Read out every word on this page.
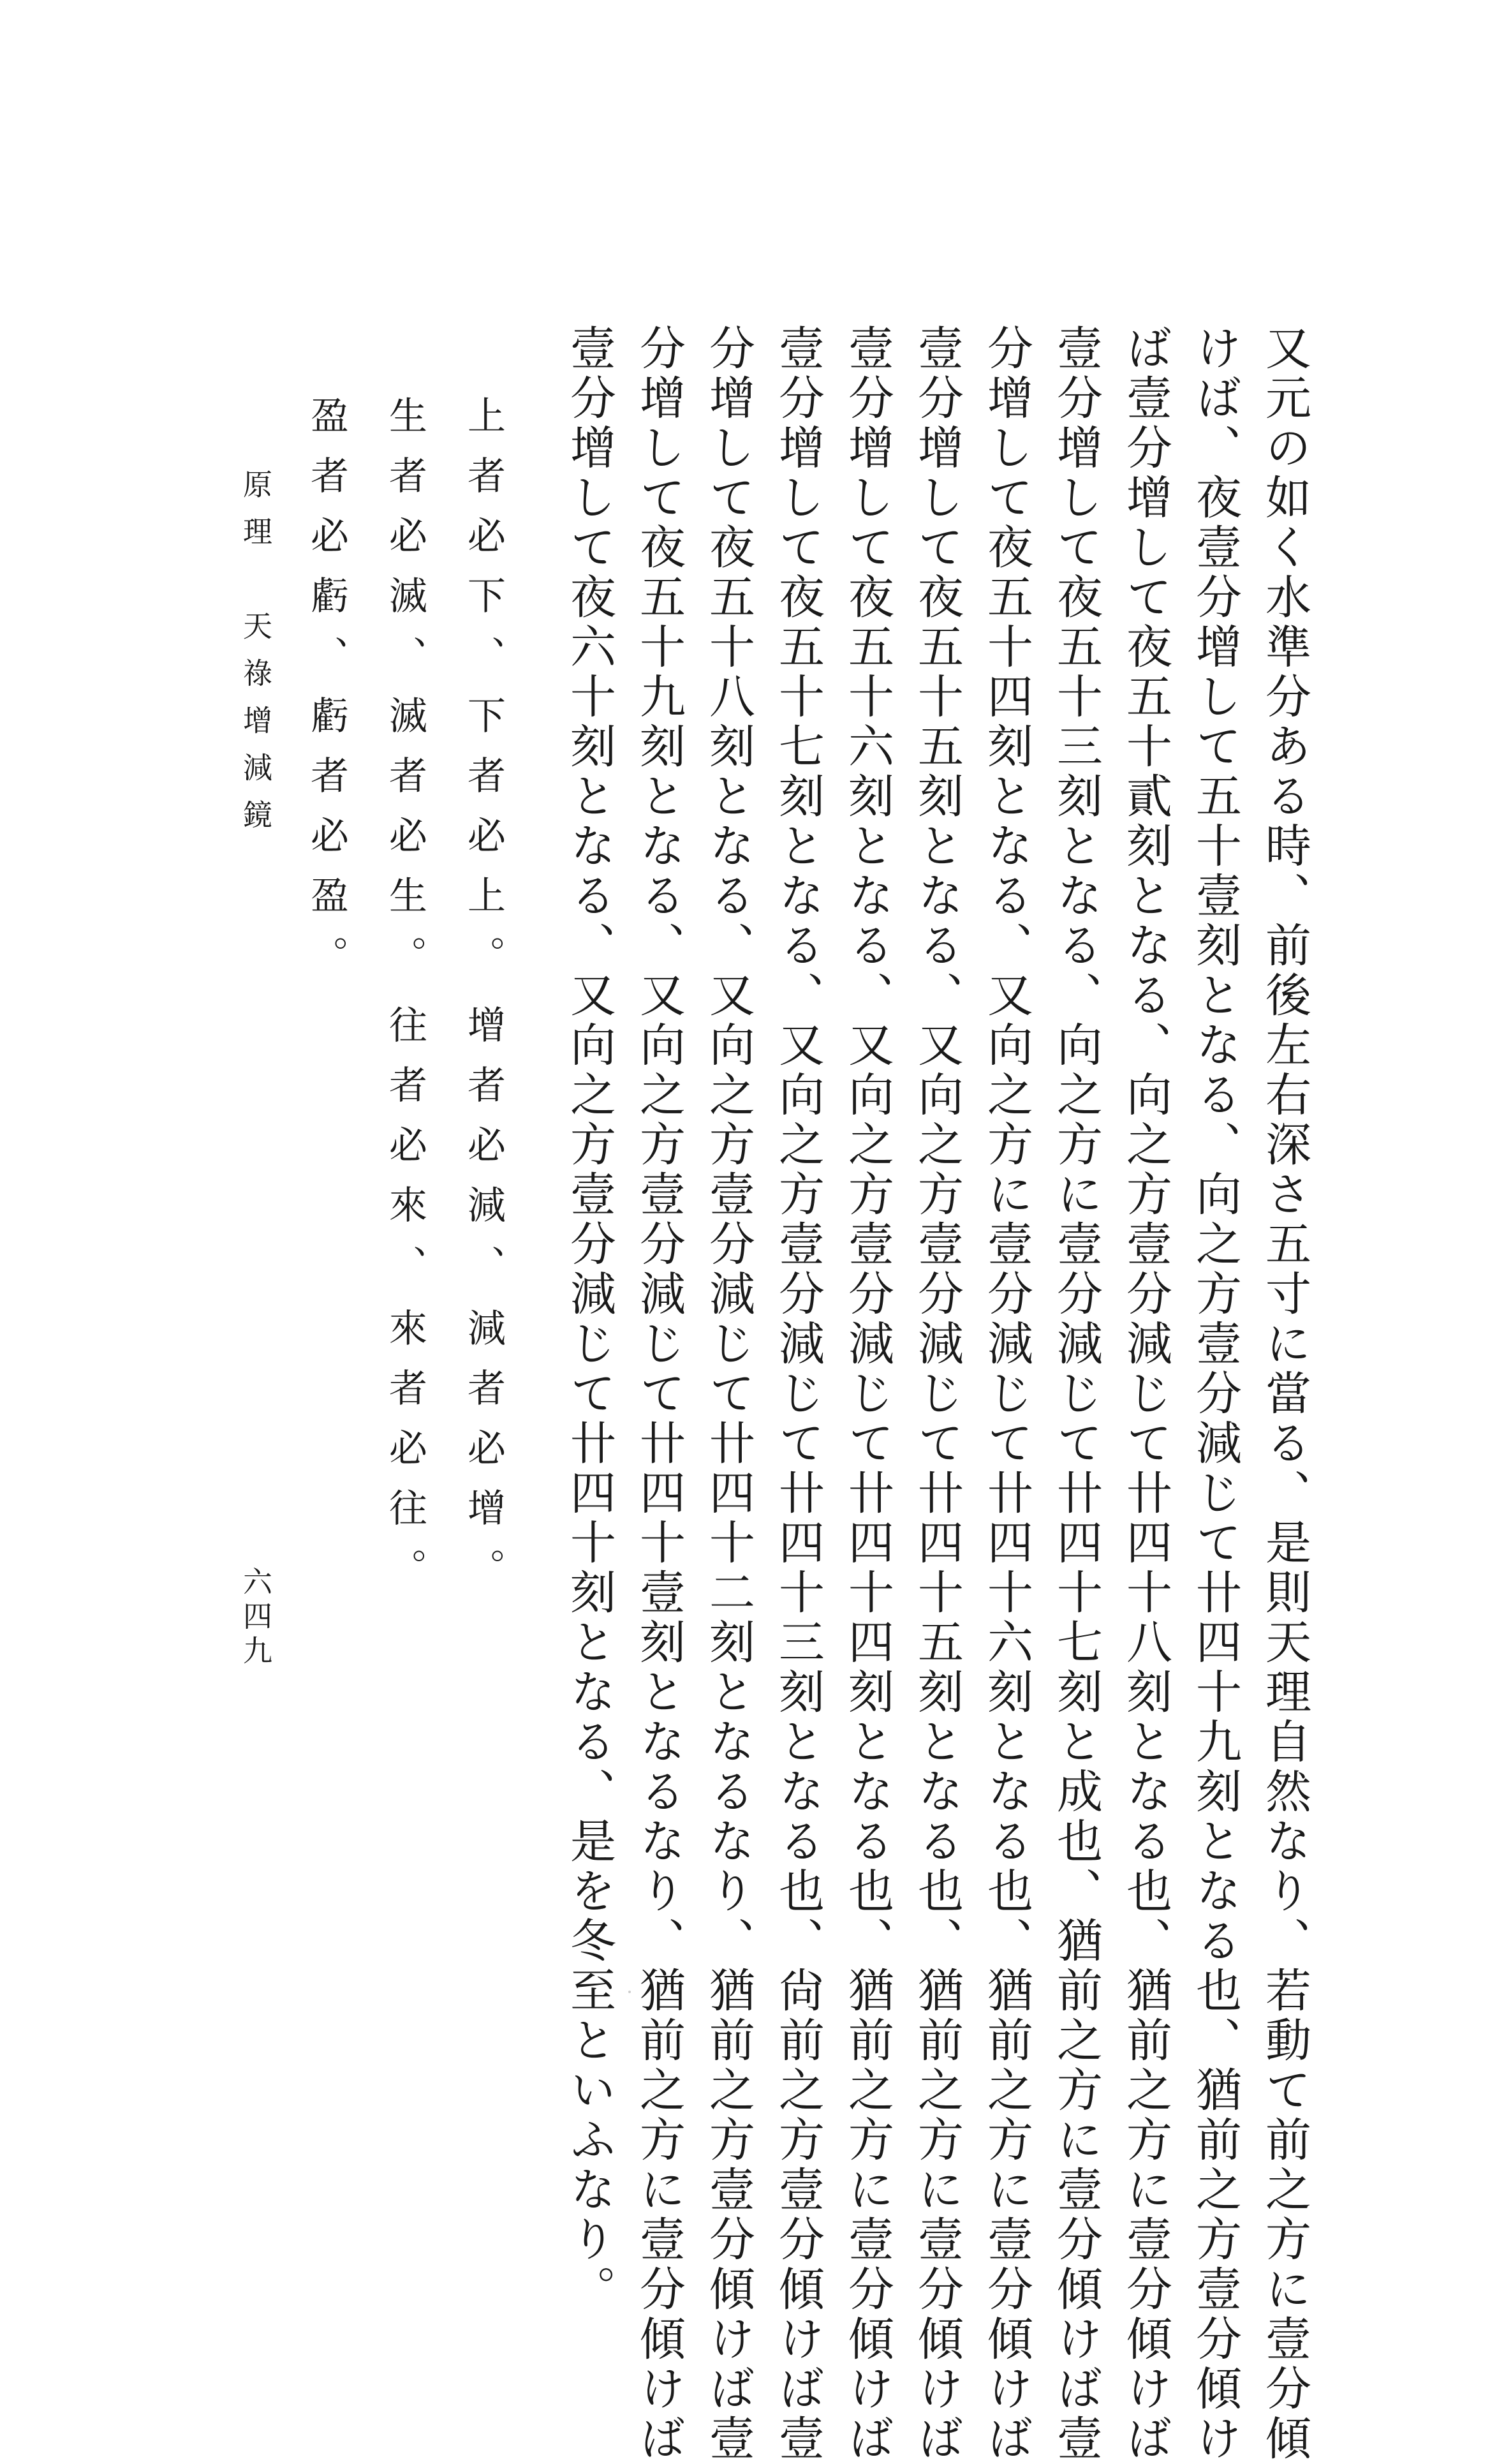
又元の如く水準分ある時、前後左右深さ五寸に當る、是則天理自然なり、若動て前之方に壹分傾
けば、夜壹分增して五十壹刻となる、向之方壹分減じて卄四十九刻となる也、猶前之方壹分傾け
ば壹分增して夜五十貳刻となる、向之方壹分減じて卄四十八刻となる也、猶前之方に壹分傾けば
壹分增して夜五十三刻となる、向之方に壹分減じて卄四十七刻と成也、猶前之方に壹分傾けば壹
分增して夜五十四刻となる、又向之方に壹分減じて卄四十六刻となる也、猶前之方に壹分傾けば
壹分增して夜五十五刻となる、又向之方壹分減じて卄四十五刻となる也、猶前之方に壹分傾けば
壹分增して夜五十六刻となる、又向之方壹分減じて卄四十四刻となる也、猶前之方に壹分傾けば
壹分增して夜五十七刻となる、又向之方壹分減じて卄四十三刻となる也、尙前之方壹分傾けば壹
分增して夜五十八刻となる、又向之方壹分減じて卄四十二刻となるなり、猶前之方壹分傾けば壹
分增して夜五十九刻となる、又向之方壹分減じて卄四十壹刻となるなり、猶前之方に壹分傾けば
壹分增して夜六十刻となる、又向之方壹分減じて卄四十刻となる、是を冬至といふなり。
上者必下、
下者必上。
增者必減、
減者必增。
生者必滅、
滅者必生。
往者必來、
來者必往。
盈者必虧、
虧者必盈。
原理　天祿增減鏡
六四九
